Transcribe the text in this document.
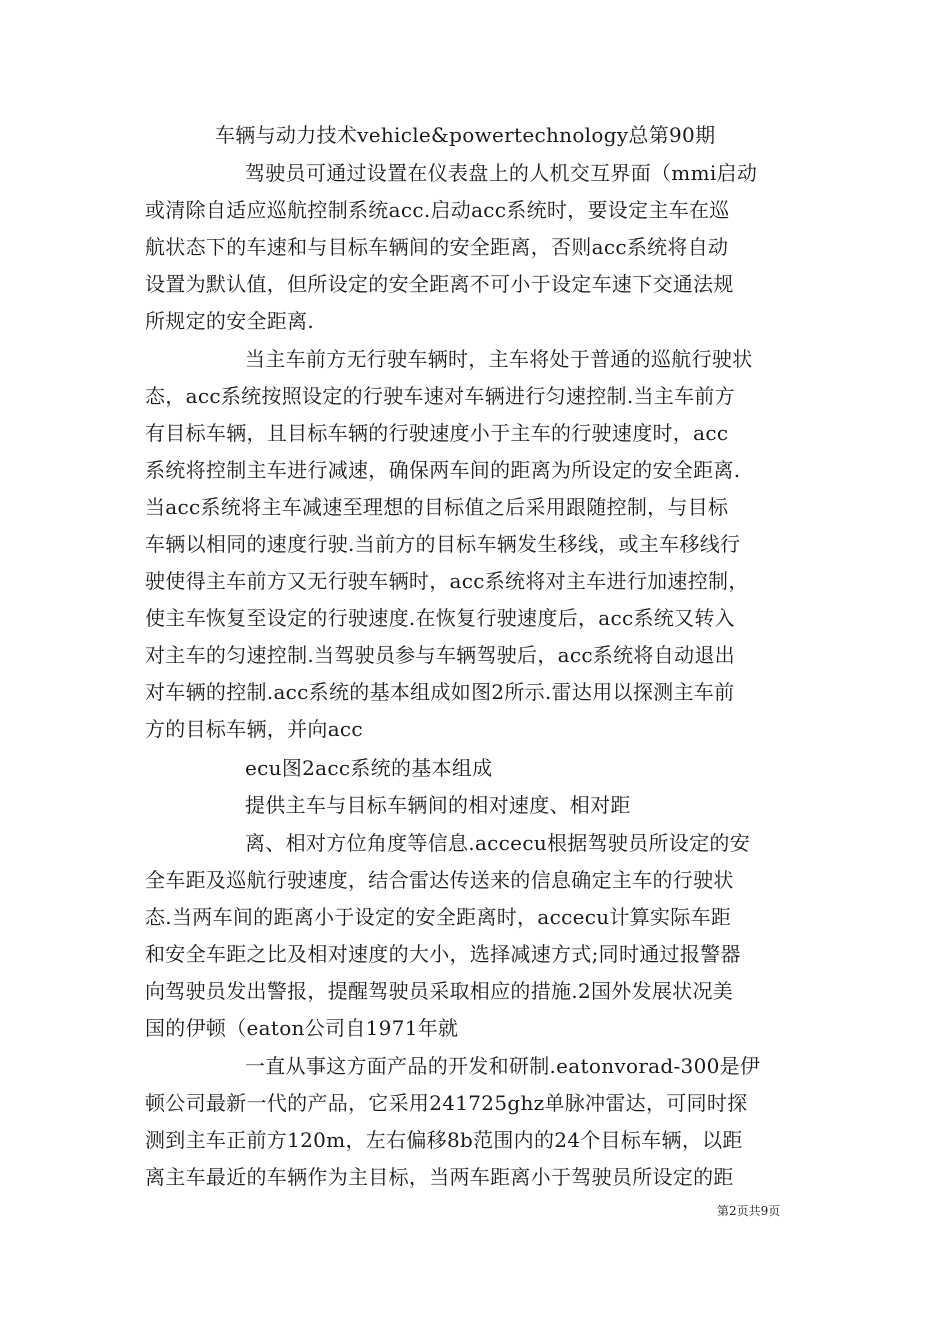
车辆与动力技术vehicle&powertechnology总第90期
驾驶员可通过设置在仪表盘上的人机交互界面（mmi启动
或清除自适应巡航控制系统acc.启动acc系统时，要设定主车在巡
航状态下的车速和与目标车辆间的安全距离，否则acc系统将自动
设置为默认值，但所设定的安全距离不可小于设定车速下交通法规
所规定的安全距离.
当主车前方无行驶车辆时，主车将处于普通的巡航行驶状
态，acc系统按照设定的行驶车速对车辆进行匀速控制.当主车前方
有目标车辆，且目标车辆的行驶速度小于主车的行驶速度时，acc
系统将控制主车进行减速，确保两车间的距离为所设定的安全距离.
当acc系统将主车减速至理想的目标值之后采用跟随控制，与目标
车辆以相同的速度行驶.当前方的目标车辆发生移线，或主车移线行
驶使得主车前方又无行驶车辆时，acc系统将对主车进行加速控制，
使主车恢复至设定的行驶速度.在恢复行驶速度后，acc系统又转入
对主车的匀速控制.当驾驶员参与车辆驾驶后，acc系统将自动退出
对车辆的控制.acc系统的基本组成如图2所示.雷达用以探测主车前
方的目标车辆，并向acc
ecu图2acc系统的基本组成
提供主车与目标车辆间的相对速度、相对距
离、相对方位角度等信息.accecu根据驾驶员所设定的安
全车距及巡航行驶速度，结合雷达传送来的信息确定主车的行驶状
态.当两车间的距离小于设定的安全距离时，accecu计算实际车距
和安全车距之比及相对速度的大小，选择减速方式;同时通过报警器
向驾驶员发出警报，提醒驾驶员采取相应的措施.2国外发展状况美
国的伊顿（eaton公司自1971年就
一直从事这方面产品的开发和研制.eatonvorad-300是伊
顿公司最新一代的产品，它采用241725ghz单脉冲雷达，可同时探
测到主车正前方120m，左右偏移8b范围内的24个目标车辆，以距
离主车最近的车辆作为主目标，当两车距离小于驾驶员所设定的距
第2页共9页
